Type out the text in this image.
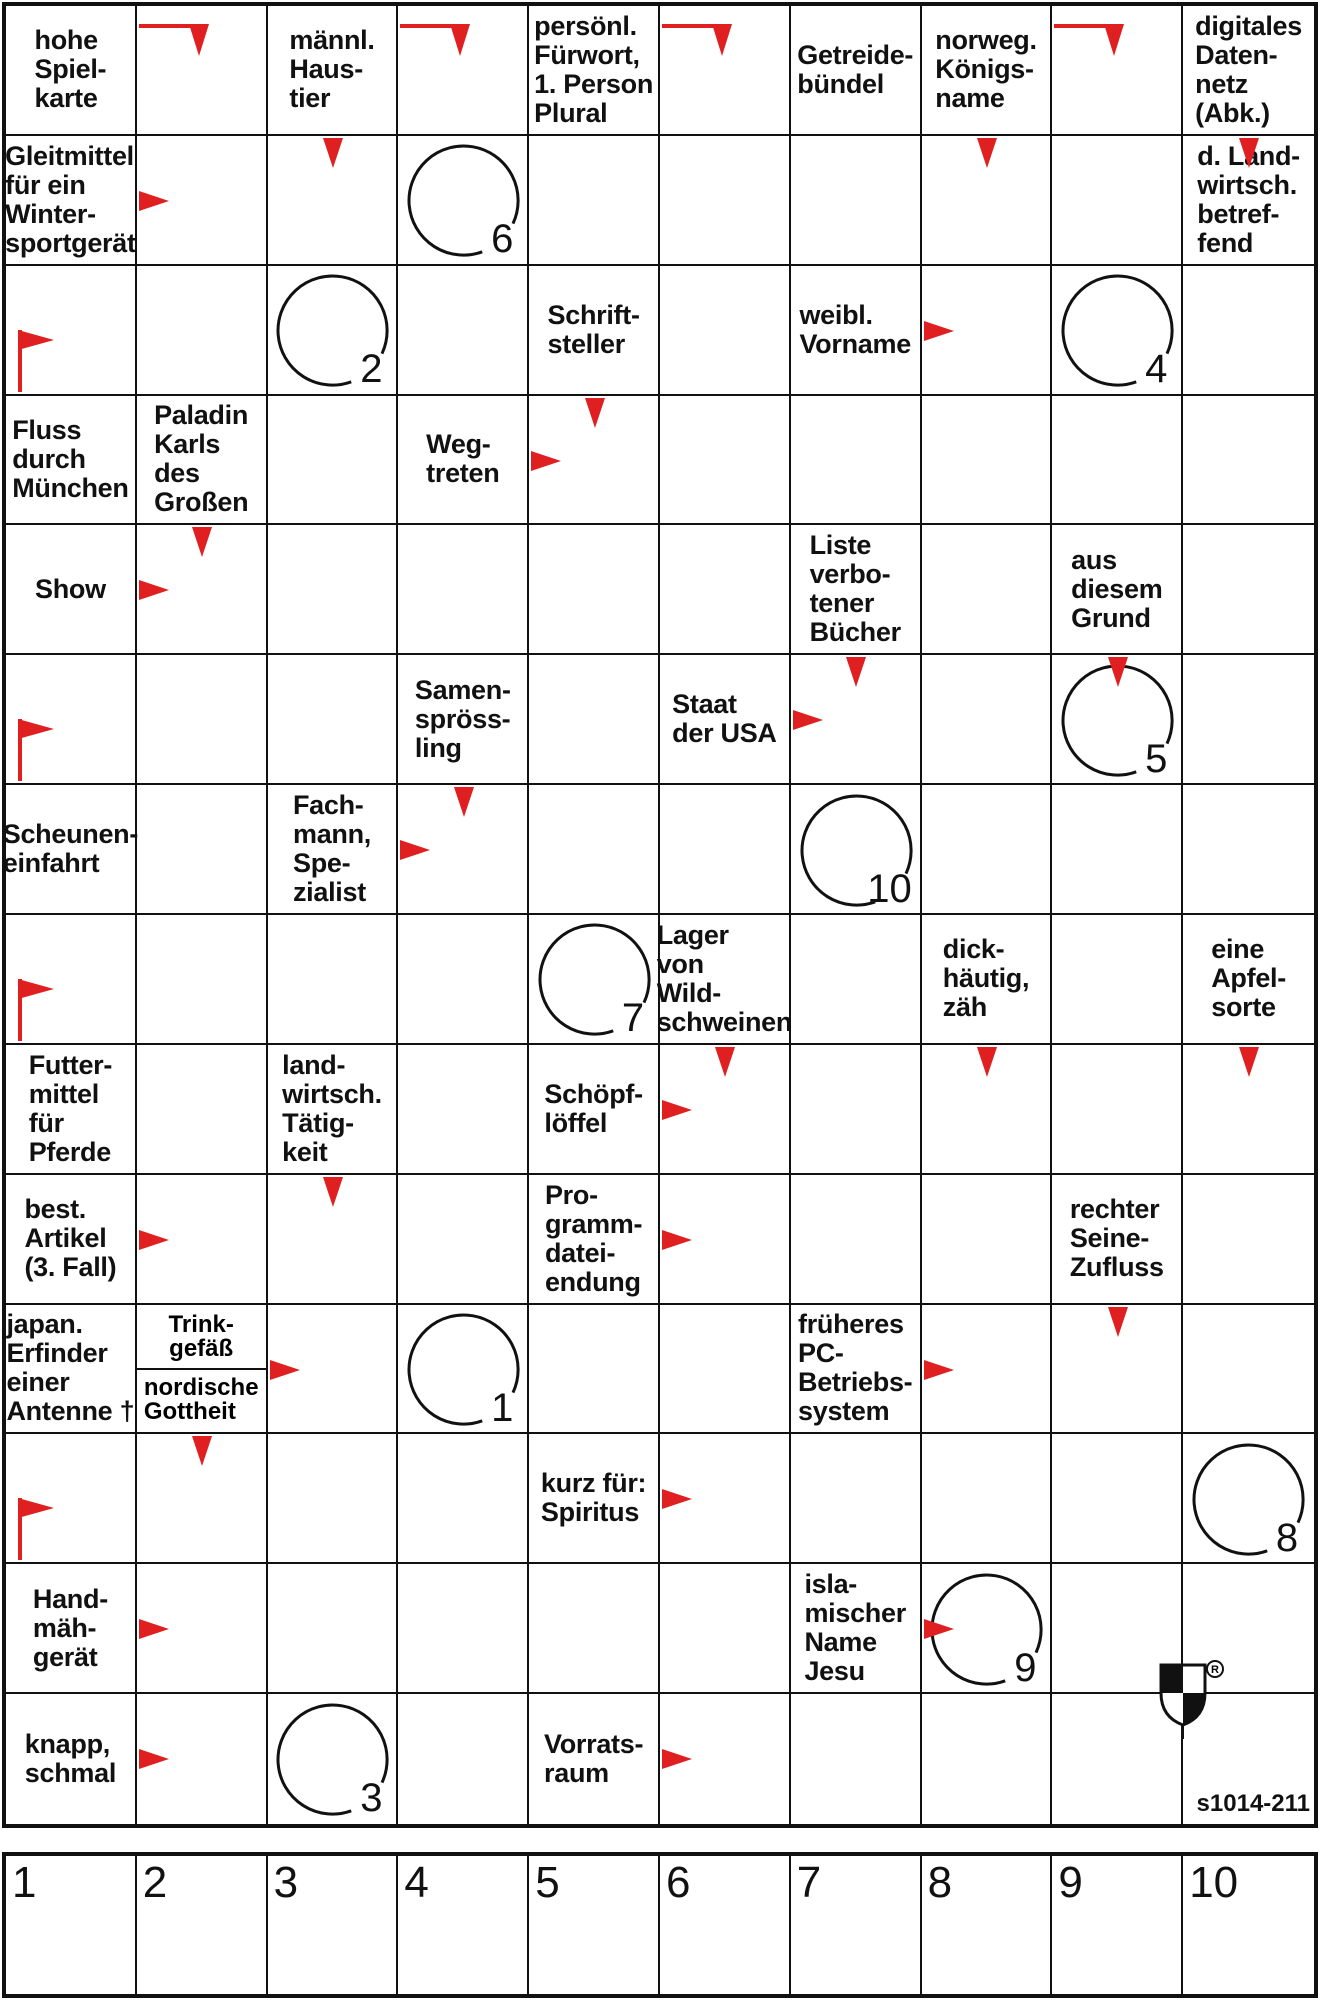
hohe
Spiel-
karte
männl.
Haus-
tier
persönl.
Fürwort,
1. Person
Plural
Getreide-
bündel
norweg.
Königs-
name
digitales
Daten-
netz
(Abk.)
Gleitmittel
für ein
Winter-
sportgerät
d. Land-
wirtsch.
betref-
fend
Schrift-
steller
weibl.
Vorname
Fluss
durch
München
Paladin
Karls
des
Großen
Weg-
treten
Show
Liste
verbo-
tener
Bücher
aus
diesem
Grund
Samen-
spröss-
ling
Staat
der USA
Scheunen-
einfahrt
Fach-
mann,
Spe-
zialist
Lager
von
Wild-
schweinen
dick-
häutig,
zäh
eine
Apfel-
sorte
Futter-
mittel
für
Pferde
land-
wirtsch.
Tätig-
keit
Schöpf-
löffel
best.
Artikel
(3. Fall)
Pro-
gramm-
datei-
endung
rechter
Seine-
Zufluss
japan.
Erfinder
einer
Antenne †
Trink-
gefäß
nordische
Gottheit
früheres
PC-
Betriebs-
system
kurz für:
Spiritus
Hand-
mäh-
gerät
isla-
mischer
Name
Jesu
knapp,
schmal
Vorrats-
raum
6
2	4
5
10
7
1
8
9
3
R
s1014-211
1 2 3 4 5 6 7 8 9 10
